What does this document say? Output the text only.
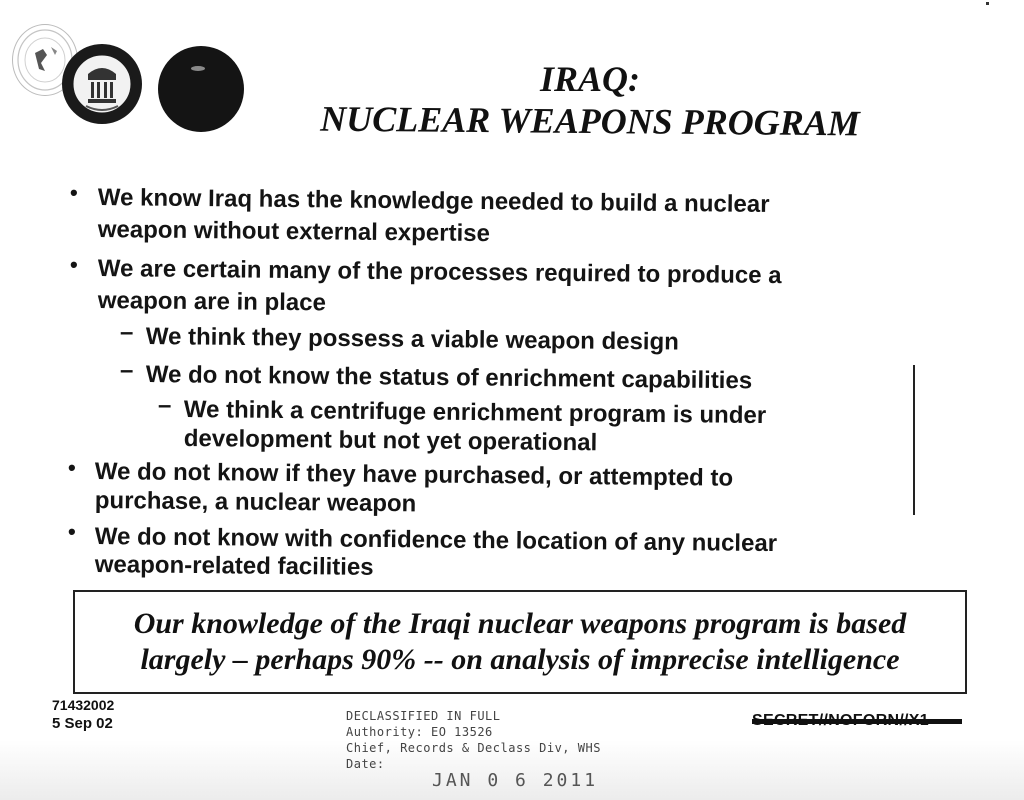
IRAQ:
NUCLEAR WEAPONS PROGRAM
• We know Iraq has the knowledge needed to build a nuclear

weapon without external expertise

• We are certain many of the processes required to produce a

weapon are in place

– We think they possess a viable weapon design

– We do not know the status of enrichment capabilities

– We think a centrifuge enrichment program is under

development but not yet operational

• We do not know if they have purchased, or attempted to

purchase, a nuclear weapon

• We do not know with confidence the location of any nuclear

weapon-related facilities

Our knowledge of the Iraqi nuclear weapons program is based
largely – perhaps 90% -- on analysis of imprecise intelligence
71432002
5 Sep 02	DECLASSIFIED IN FULL
Authority: EO 13526
Chief, Records & Declass Div, WHS
Date:
JAN 0 6 2011
